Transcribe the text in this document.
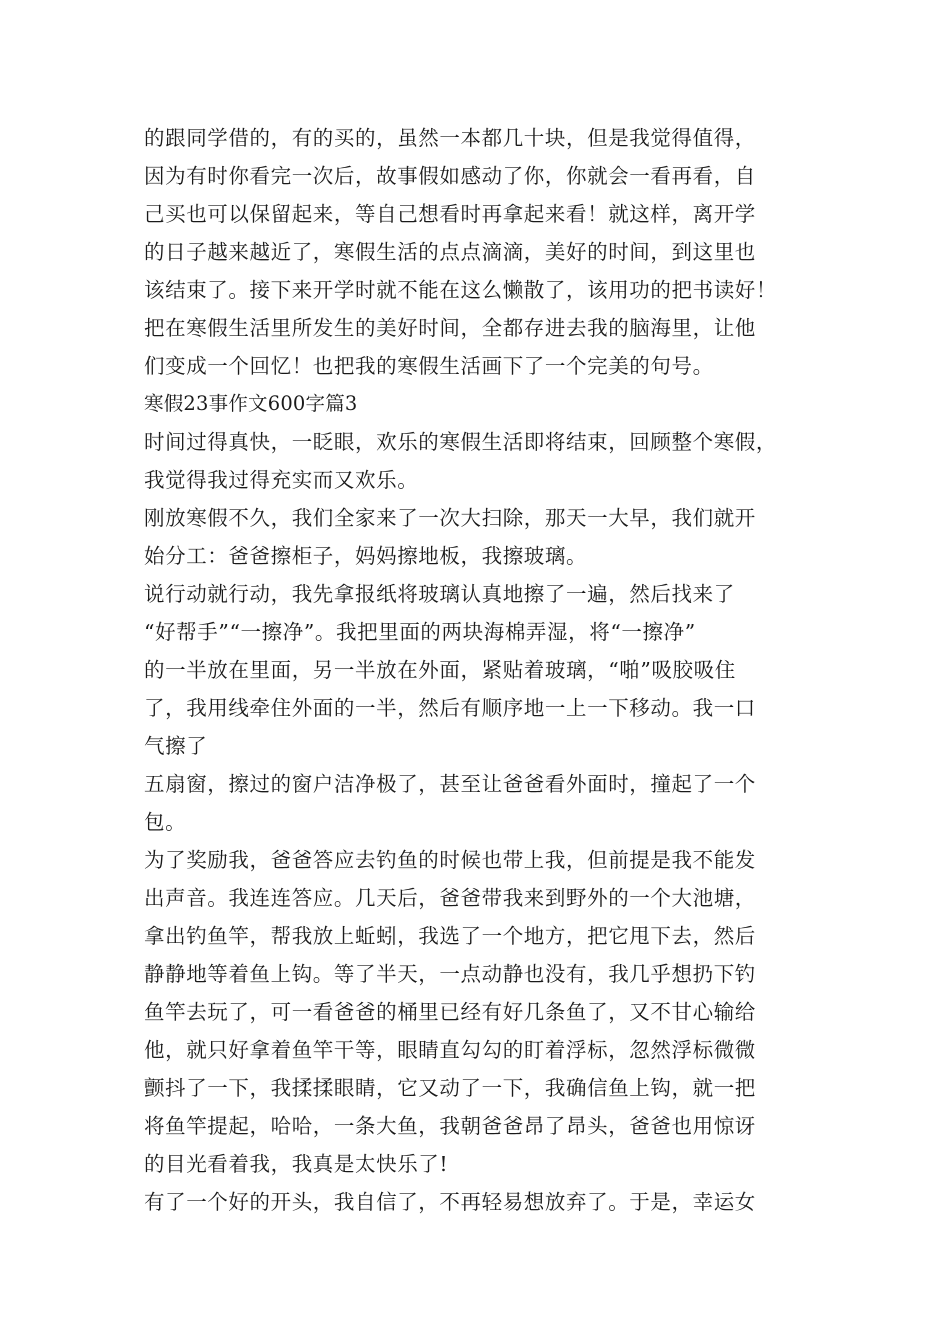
的跟同学借的，有的买的，虽然一本都几十块，但是我觉得值得，
因为有时你看完一次后，故事假如感动了你，你就会一看再看，自
己买也可以保留起来，等自己想看时再拿起来看！就这样，离开学
的日子越来越近了，寒假生活的点点滴滴，美好的时间，到这里也
该结束了。接下来开学时就不能在这么懒散了，该用功的把书读好！
把在寒假生活里所发生的美好时间，全都存进去我的脑海里，让他
们变成一个回忆！也把我的寒假生活画下了一个完美的句号。
寒假23事作文600字篇3
时间过得真快，一眨眼，欢乐的寒假生活即将结束，回顾整个寒假，
我觉得我过得充实而又欢乐。
刚放寒假不久，我们全家来了一次大扫除，那天一大早，我们就开
始分工：爸爸擦柜子，妈妈擦地板，我擦玻璃。
说行动就行动，我先拿报纸将玻璃认真地擦了一遍，然后找来了
“好帮手”“一擦净”。我把里面的两块海棉弄湿，将“一擦净”
的一半放在里面，另一半放在外面，紧贴着玻璃，“啪”吸胶吸住
了，我用线牵住外面的一半，然后有顺序地一上一下移动。我一口
气擦了
五扇窗，擦过的窗户洁净极了，甚至让爸爸看外面时，撞起了一个
包。
为了奖励我，爸爸答应去钓鱼的时候也带上我，但前提是我不能发
出声音。我连连答应。几天后，爸爸带我来到野外的一个大池塘，
拿出钓鱼竿，帮我放上蚯蚓，我选了一个地方，把它甩下去，然后
静静地等着鱼上钩。等了半天，一点动静也没有，我几乎想扔下钓
鱼竿去玩了，可一看爸爸的桶里已经有好几条鱼了，又不甘心输给
他，就只好拿着鱼竿干等，眼睛直勾勾的盯着浮标，忽然浮标微微
颤抖了一下，我揉揉眼睛，它又动了一下，我确信鱼上钩，就一把
将鱼竿提起，哈哈，一条大鱼，我朝爸爸昂了昂头，爸爸也用惊讶
的目光看着我，我真是太快乐了!
有了一个好的开头，我自信了，不再轻易想放弃了。于是，幸运女
